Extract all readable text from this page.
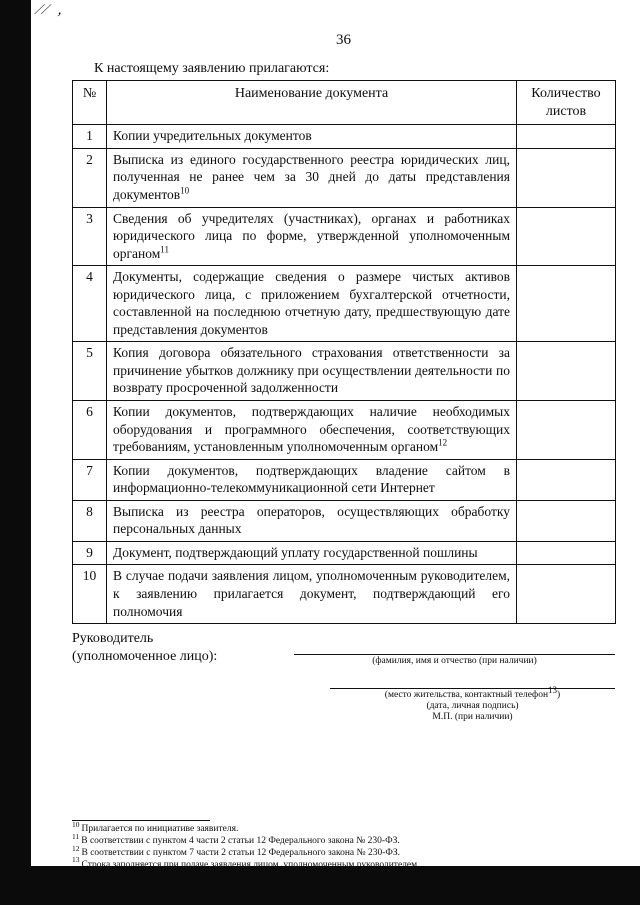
∕∕ ,
36
К настоящему заявлению прилагаются:
№	Наименование документа	Количество листов
1	Копии учредительных документов	
2	Выписка из единого государственного реестра юридических лиц, полученная не ранее чем за 30 дней до даты представления документов$^{10}$	
3	Сведения об учредителях (участниках), органах и работниках юридического лица по форме, утвержденной уполномоченным органом$^{11}$	
4	Документы, содержащие сведения о размере чистых активов юридического лица, с приложением бухгалтерской отчетности, составленной на последнюю отчетную дату, предшествующую дате представления документов	
5	Копия договора обязательного страхования ответственности за причинение убытков должнику при осуществлении деятельности по возврату просроченной задолженности	
6	Копии документов, подтверждающих наличие необходимых оборудования и программного обеспечения, соответствующих требованиям, установленным уполномоченным органом$^{12}$	
7	Копии документов, подтверждающих владение сайтом в информационно-телекоммуникационной сети Интернет	
8	Выписка из реестра операторов, осуществляющих обработку персональных данных	
9	Документ, подтверждающий уплату государственной пошлины	
10	В случае подачи заявления лицом, уполномоченным руководителем, к заявлению прилагается документ, подтверждающий его полномочия	
Руководитель
(уполномоченное лицо):	(фамилия, имя и отчество (при наличии)
(место жительства, контактный телефон$^{13}$)
(дата, личная подпись)
М.П. (при наличии)
$^{10}$ Прилагается по инициативе заявителя.
$^{11}$ В соответствии с пунктом 4 части 2 статьи 12 Федерального закона № 230-ФЗ.
$^{12}$ В соответствии с пунктом 7 части 2 статьи 12 Федерального закона № 230-ФЗ.
$^{13}$ Строка заполняется при подаче заявления лицом, уполномоченным руководителем.
